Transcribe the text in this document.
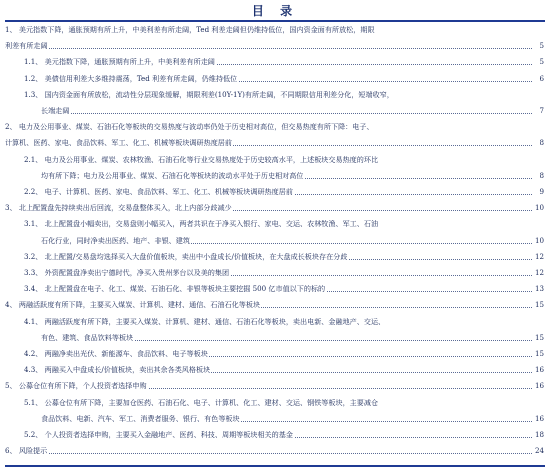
目 录
1、 美元指数下降，通胀预期有所上升，中美利差有所走阔，Ted 利差走阔但仍维持低位，国内资金面有所放松，期限
利差有所走阔	5
1.1、 美元指数下降，通胀预期有所上升，中美利差有所走阔	5
1.2、 美债信用利差大多维持震荡，Ted 利差有所走阔，仍维持低位	6
1.3、 国内资金面有所放松，流动性分层现象缓解，期限利差(10Y-1Y)有所走阔，不同期限信用利差分化，短端收窄，
长端走阔	7
2、 电力及公用事业、煤炭、石油石化等板块的交易热度与波动率仍处于历史相对高位，但交易热度有所下降：电子、
计算机、医药、家电、食品饮料、军工、化工、机械等板块调研热度居前	8
2.1、 电力及公用事业、煤炭、农林牧渔、石油石化等行业交易热度处于历史较高水平，上述板块交易热度的环比
均有所下降；电力及公用事业、煤炭、石油石化等板块的波动水平处于历史相对高位	8
2.2、 电子、计算机、医药、家电、食品饮料、军工、化工、机械等板块调研热度居前	9
3、 北上配置盘先持续卖出后回流，交易盘整体买入，北上内部分歧减少	10
3.1、 北上配置盘小幅卖出，交易盘则小幅买入，两者共识在于净买入银行、家电、交运、农林牧渔、军工、石油
石化行业，同时净卖出医药、地产、非银、建筑	10
3.2、 北上配置/交易盘均选择买入大盘价值板块，卖出中小盘成长/价值板块，在大盘成长板块存在分歧	12
3.3、 外资配置盘净卖出宁德时代，净买入贵州茅台以及美的集团	12
3.4、 北上配置盘在电子、化工、煤炭、石油石化、非银等板块主要挖掘 500 亿市值以下的标的	13
4、 两融活跃度有所下降，主要买入煤炭、计算机、建材、通信、石油石化等板块	15
4.1、 两融活跃度有所下降，主要买入煤炭、计算机、建材、通信、石油石化等板块，卖出电新、金融地产、交运、
有色、建筑、食品饮料等板块	15
4.2、 两融净卖出光伏、新能源车、食品饮料、电子等板块	15
4.3、 两融买入中盘成长/价值板块，卖出其余各类风格板块	16
5、 公募仓位有所下降，个人投资者选择申购	16
5.1、 公募仓位有所下降，主要加仓医药、石油石化、电子、计算机、化工、建材、交运、钢铁等板块，主要减仓
食品饮料、电新、汽车、军工、消费者服务、银行、有色等板块	16
5.2、 个人投资者选择申购，主要买入金融地产、医药、科技、周期等板块相关的基金	18
6、 风险提示	24
